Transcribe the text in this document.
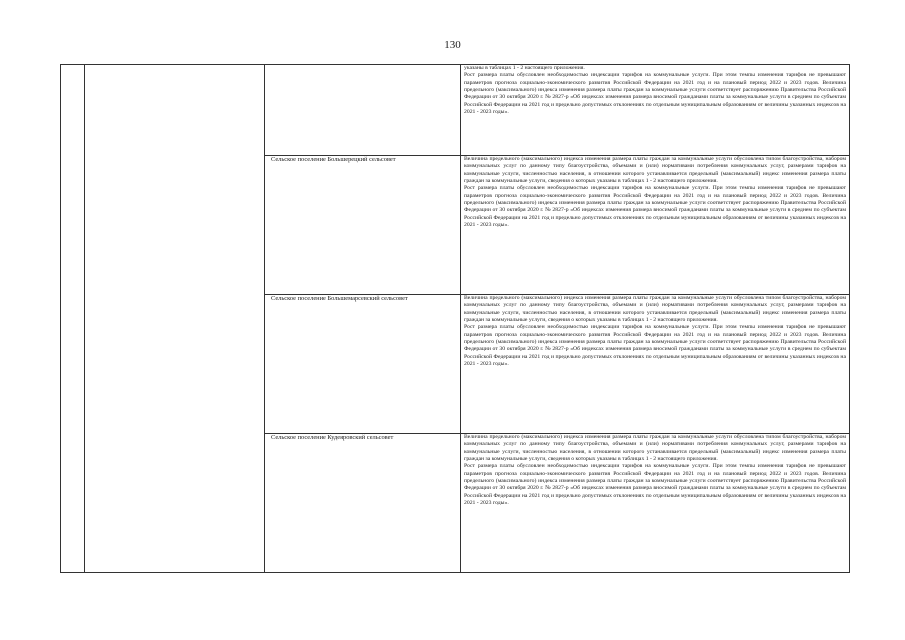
130

			указаны в таблицах 1 - 2 настоящего приложения.

Рост размера платы обусловлен необходимостью индексации тарифов на коммунальные услуги. При этом темпы изменения тарифов не превышают параметров прогноза социально-экономического развития Российской Федерации на 2021 год и на плановый период 2022 и 2023 годов. Величина предельного (максимального) индекса изменения размера платы граждан за коммунальные услуги соответствует распоряжению Правительства Российской Федерации от 30 октября 2020 г. № 2827-р «Об индексах изменения размера вносимой гражданами платы за коммунальные услуги в среднем по субъектам Российской Федерации на 2021 год и предельно допустимых отклонениях по отдельным муниципальным образованиям от величины указанных индексов на 2021 - 2023 годы».

		Сельское поселение Большерецкий сельсовет	Величина предельного (максимального) индекса изменения размера платы граждан за коммунальные услуги обусловлена типом благоустройства, набором коммунальных услуг по данному типу благоустройства, объемами и (или) нормативами потребления коммунальных услуг, размерами тарифов на коммунальные услуги, численностью населения, в отношении которого устанавливается предельный (максимальный) индекс изменения размера платы граждан за коммунальные услуги, сведения о которых указаны в таблицах 1 - 2 настоящего приложения.

Рост размера платы обусловлен необходимостью индексации тарифов на коммунальные услуги. При этом темпы изменения тарифов не превышают параметров прогноза социально-экономического развития Российской Федерации на 2021 год и на плановый период 2022 и 2023 годов. Величина предельного (максимального) индекса изменения размера платы граждан за коммунальные услуги соответствует распоряжению Правительства Российской Федерации от 30 октября 2020 г. № 2827-р «Об индексах изменения размера вносимой гражданами платы за коммунальные услуги в среднем по субъектам Российской Федерации на 2021 год и предельно допустимых отклонениях по отдельным муниципальным образованиям от величины указанных индексов на 2021 - 2023 годы».

		Сельское поселение Большемарсевский сельсовет	Величина предельного (максимального) индекса изменения размера платы граждан за коммунальные услуги обусловлена типом благоустройства, набором коммунальных услуг по данному типу благоустройства, объемами и (или) нормативами потребления коммунальных услуг, размерами тарифов на коммунальные услуги, численностью населения, в отношении которого устанавливается предельный (максимальный) индекс изменения размера платы граждан за коммунальные услуги, сведения о которых указаны в таблицах 1 - 2 настоящего приложения.

Рост размера платы обусловлен необходимостью индексации тарифов на коммунальные услуги. При этом темпы изменения тарифов не превышают параметров прогноза социально-экономического развития Российской Федерации на 2021 год и на плановый период 2022 и 2023 годов. Величина предельного (максимального) индекса изменения размера платы граждан за коммунальные услуги соответствует распоряжению Правительства Российской Федерации от 30 октября 2020 г. № 2827-р «Об индексах изменения размера вносимой гражданами платы за коммунальные услуги в среднем по субъектам Российской Федерации на 2021 год и предельно допустимых отклонениях по отдельным муниципальным образованиям от величины указанных индексов на 2021 - 2023 годы».

		Сельское поселение Кудеяровский сельсовет	Величина предельного (максимального) индекса изменения размера платы граждан за коммунальные услуги обусловлена типом благоустройства, набором коммунальных услуг по данному типу благоустройства, объемами и (или) нормативами потребления коммунальных услуг, размерами тарифов на коммунальные услуги, численностью населения, в отношении которого устанавливается предельный (максимальный) индекс изменения размера платы граждан за коммунальные услуги, сведения о которых указаны в таблицах 1 - 2 настоящего приложения.

Рост размера платы обусловлен необходимостью индексации тарифов на коммунальные услуги. При этом темпы изменения тарифов не превышают параметров прогноза социально-экономического развития Российской Федерации на 2021 год и на плановый период 2022 и 2023 годов. Величина предельного (максимального) индекса изменения размера платы граждан за коммунальные услуги соответствует распоряжению Правительства Российской Федерации от 30 октября 2020 г. № 2827-р «Об индексах изменения размера вносимой гражданами платы за коммунальные услуги в среднем по субъектам Российской Федерации на 2021 год и предельно допустимых отклонениях по отдельным муниципальным образованиям от величины указанных индексов на 2021 - 2023 годы».
